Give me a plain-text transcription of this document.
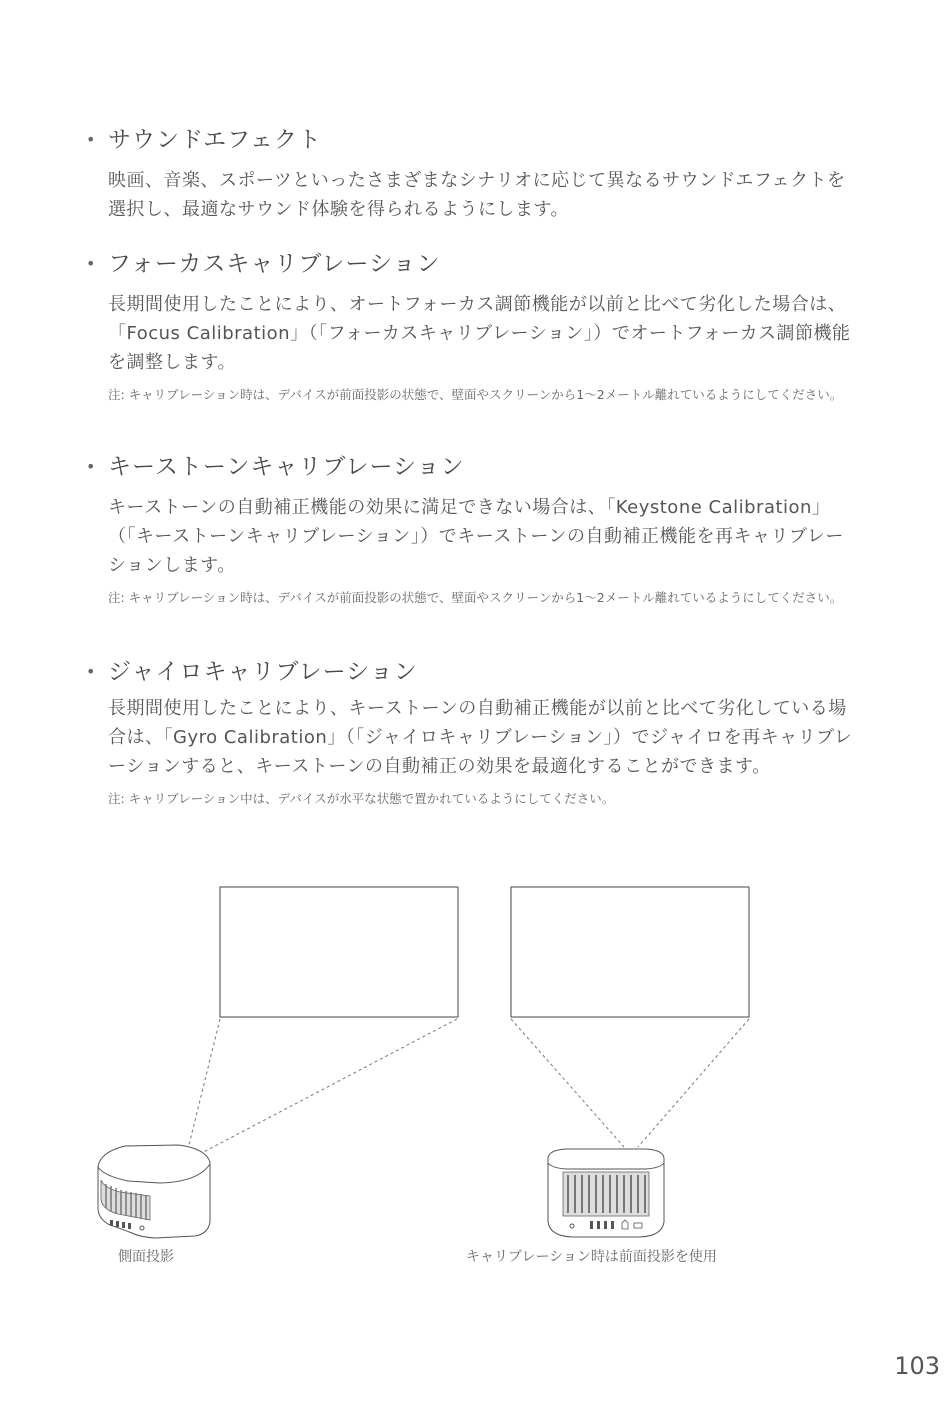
• サウンドエフェクト
映画、音楽、スポーツといったさまざまなシナリオに応じて異なるサウンドエフェクトを選択し、最適なサウンド体験を得られるようにします。
• フォーカスキャリブレーション
長期間使用したことにより、オートフォーカス調節機能が以前と比べて劣化した場合は、「Focus Calibration」（「フォーカスキャリブレーション」）でオートフォーカス調節機能を調整します。
注: キャリブレーション時は、デバイスが前面投影の状態で、壁面やスクリーンから1〜2メートル離れているようにしてください。
• キーストーンキャリブレーション
キーストーンの自動補正機能の効果に満足できない場合は、「Keystone Calibration」（「キーストーンキャリブレーション」）でキーストーンの自動補正機能を再キャリブレーションします。
注: キャリブレーション時は、デバイスが前面投影の状態で、壁面やスクリーンから1〜2メートル離れているようにしてください。
• ジャイロキャリブレーション
長期間使用したことにより、キーストーンの自動補正機能が以前と比べて劣化している場合は、「Gyro Calibration」（「ジャイロキャリブレーション」）でジャイロを再キャリブレーションすると、キーストーンの自動補正の効果を最適化することができます。
注: キャリブレーション中は、デバイスが水平な状態で置かれているようにしてください。
側面投影	キャリブレーション時は前面投影を使用
103
